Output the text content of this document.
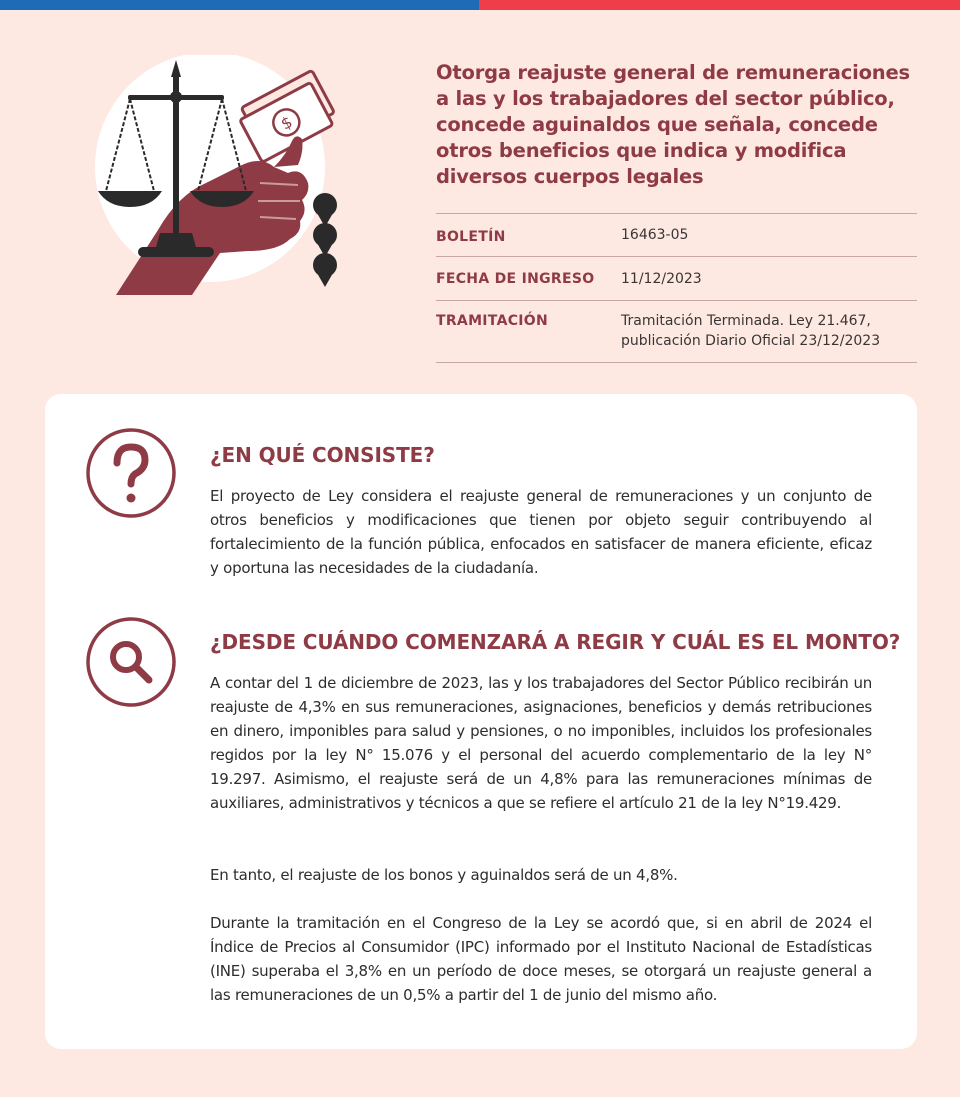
$
Otorga reajuste general de remuneraciones a las y los trabajadores del sector público, concede aguinaldos que señala, concede otros beneficios que indica y modifica diversos cuerpos legales
BOLETÍN	16463-05
FECHA DE INGRESO	11/12/2023
TRAMITACIÓN	Tramitación Terminada. Ley 21.467, publicación Diario Oficial 23/12/2023
¿EN QUÉ CONSISTE?

El proyecto de Ley considera el reajuste general de remuneraciones y un conjunto de otros beneficios y modificaciones que tienen por objeto seguir contribuyendo al fortalecimiento de la función pública, enfocados en satisfacer de manera eficiente, eficaz y oportuna las necesidades de la ciudadanía.

¿DESDE CUÁNDO COMENZARÁ A REGIR Y CUÁL ES EL MONTO?

A contar del 1 de diciembre de 2023, las y los trabajadores del Sector Público recibirán un reajuste de 4,3% en sus remuneraciones, asignaciones, beneficios y demás retribuciones en dinero, imponibles para salud y pensiones, o no imponibles, incluidos los profesionales regidos por la ley N° 15.076 y el personal del acuerdo complementario de la ley N° 19.297. Asimismo, el reajuste será de un 4,8% para las remuneraciones mínimas de auxiliares, administrativos y técnicos a que se refiere el artículo 21 de la ley N°19.429.

En tanto, el reajuste de los bonos y aguinaldos será de un 4,8%.

Durante la tramitación en el Congreso de la Ley se acordó que, si en abril de 2024 el Índice de Precios al Consumidor (IPC) informado por el Instituto Nacional de Estadísticas (INE) superaba el 3,8% en un período de doce meses, se otorgará un reajuste general a las remuneraciones de un 0,5% a partir del 1 de junio del mismo año.
